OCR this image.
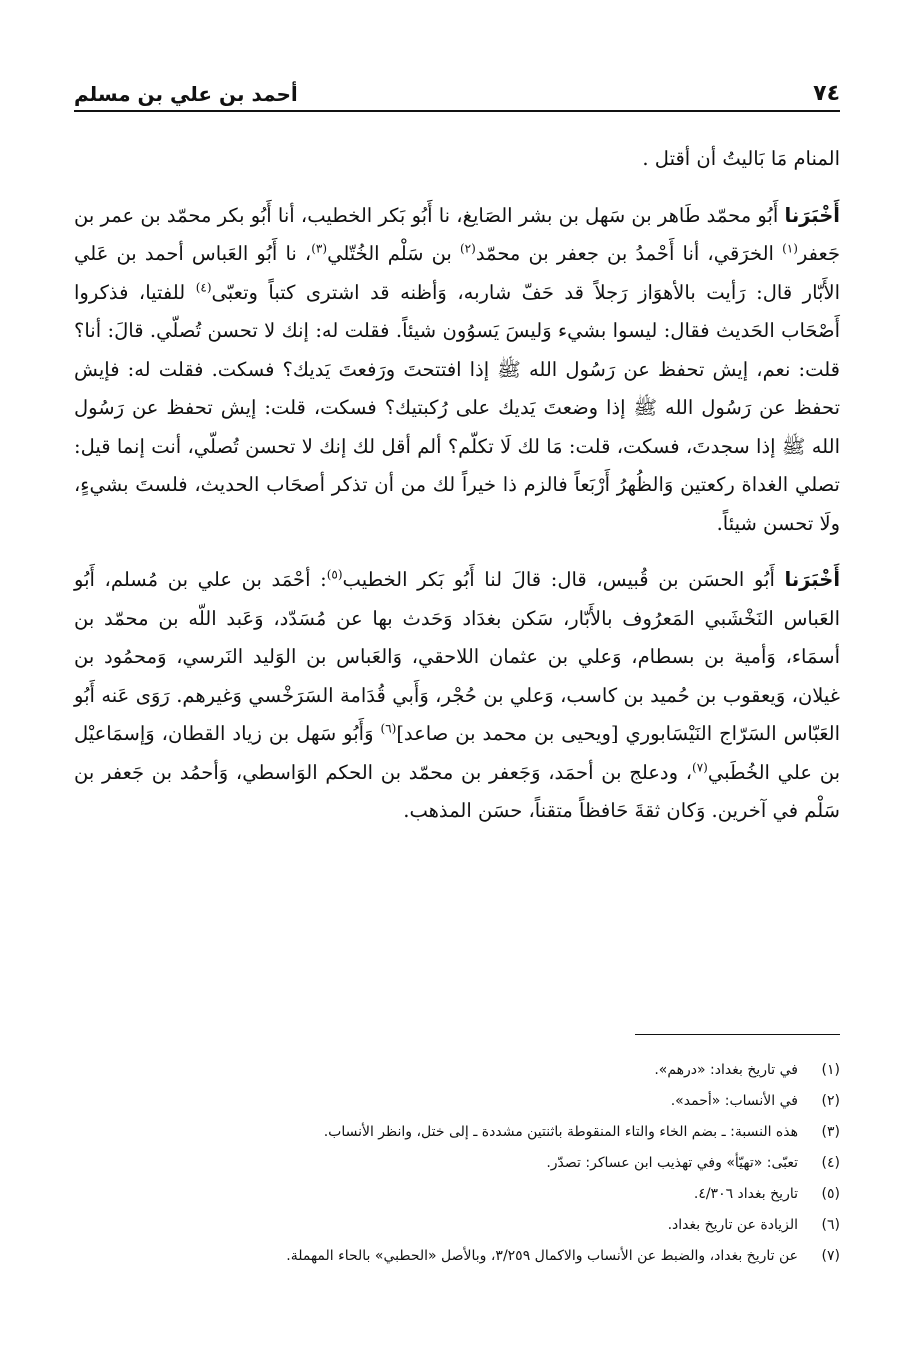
٧٤
أحمد بن علي بن مسلم

المنام مَا بَاليتُ أن أقتل .

أَخْبَرَنا أَبُو محمّد طَاهر بن سَهل بن بشر الصَايغ، نا أَبُو بَكر الخطيب، أنا أَبُو بكر محمّد بن عمر بن جَعفر$^{(١)}$ الخرَقي، أنا أَحْمدُ بن جعفر بن محمّد$^{(٢)}$ بن سَلْم الخُتّلي$^{(٣)}$، نا أَبُو العَباس أحمد بن عَلي الأَبّار قال: رَأيت بالأهوَاز رَجلاً قد حَفّ شاربه، وَأظنه قد اشترى كتباً وتعبّى$^{(٤)}$ للفتيا، فذكروا أَصْحَاب الحَديث فقال: ليسوا بشيء وَليسَ يَسوُون شيئاً. فقلت له: إنك لا تحسن تُصلّي. قالَ: أنا؟ قلت: نعم، إيش تحفظ عن رَسُول الله ﷺ إذا افتتحتَ ورَفعتَ يَديك؟ فسكت. فقلت له: فإيش تحفظ عن رَسُول الله ﷺ إذا وضعتَ يَديك على رُكبتيك؟ فسكت، قلت: إيش تحفظ عن رَسُول الله ﷺ إذا سجدتَ، فسكت، قلت: مَا لك لَا تكلّم؟ ألم أقل لك إنك لا تحسن تُصلّي، أنت إنما قيل: تصلي الغداة ركعتين وَالظُهرُ أَرْبَعاً فالزم ذا خيراً لك من أن تذكر أصحَاب الحديث، فلستَ بشيءٍ، ولَا تحسن شيئاً.

أَخْبَرَنا أَبُو الحسَن بن قُبيس، قال: قالَ لنا أَبُو بَكر الخطيب$^{(٥)}$: أحْمَد بن علي بن مُسلم، أَبُو العَباس النَخْشَبي المَعرُوف بالأَبّار، سَكن بغدَاد وَحَدث بها عن مُسَدّد، وَعَبد اللّه بن محمّد بن أسمَاء، وَأمية بن بسطام، وَعلي بن عثمان اللاحقي، وَالعَباس بن الوَليد النَرسي، وَمحمُود بن غيلان، وَيعقوب بن حُميد بن كاسب، وَعلي بن حُجْر، وَأَبي قُدَامة السَرَخْسي وَغيرهم. رَوَى عَنه أَبُو العَبّاس السَرّاج النَيْسَابوري [ويحيى بن محمد بن صاعد]$^{(٦)}$ وَأَبُو سَهل بن زياد القطان، وَإسمَاعيْل بن علي الخُطَبي$^{(٧)}$، ودعلج بن أحمَد، وَجَعفر بن محمّد بن الحكم الوَاسطي، وَأحمُد بن جَعفر بن سَلْم في آخرين. وَكان ثقةَ حَافظاً متقناً، حسَن المذهب.

(١)
في تاريخ بغداد: «درهم».
(٢)
في الأنساب: «أحمد».
(٣)
هذه النسبة: ـ بضم الخاء والتاء المنقوطة باثنتين مشددة ـ إلى ختل، وانظر الأنساب.
(٤)
تعبّى: «تهيّأ» وفي تهذيب ابن عساكر: تصدّر.
(٥)
تاريخ بغداد ٤/٣٠٦.
(٦)
الزيادة عن تاريخ بغداد.
(٧)
عن تاريخ بغداد، والضبط عن الأنساب والاكمال ٣/٢٥٩، وبالأصل «الحطبي» بالحاء المهملة.
